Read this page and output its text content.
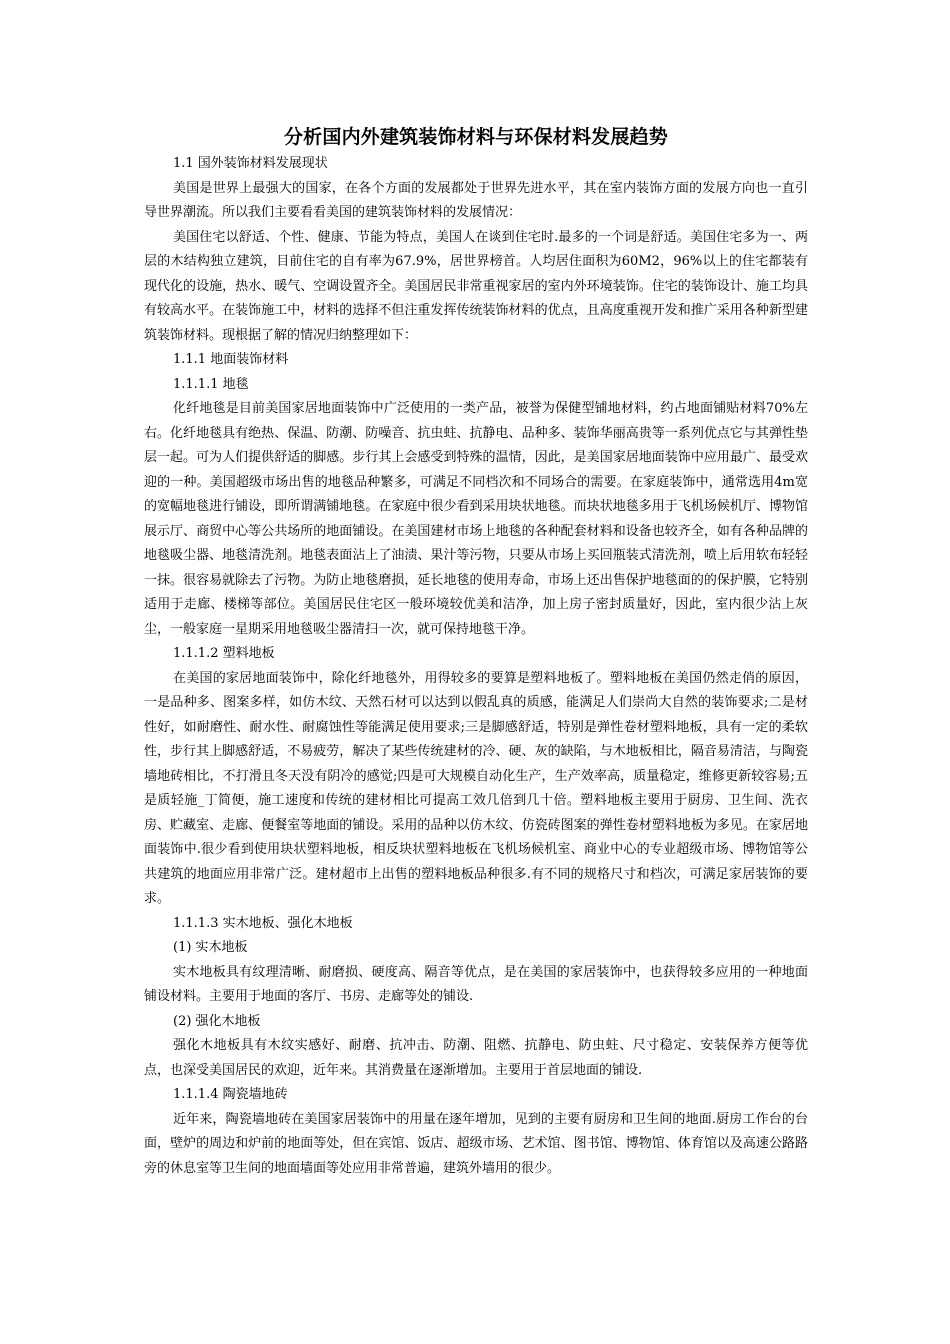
分析国内外建筑装饰材料与环保材料发展趋势

1.1 国外装饰材料发展现状

美国是世界上最强大的国家，在各个方面的发展都处于世界先进水平，其在室内装饰方面的发展方向也一直引导世界潮流。所以我们主要看看美国的建筑装饰材料的发展情况：

美国住宅以舒适、个性、健康、节能为特点，美国人在谈到住宅时.最多的一个词是舒适。美国住宅多为一、两层的木结构独立建筑，目前住宅的自有率为67.9%，居世界榜首。人均居住面积为60M2，96%以上的住宅都装有现代化的设施，热水、暖气、空调设置齐全。美国居民非常重视家居的室内外环境装饰。住宅的装饰设计、施工均具有较高水平。在装饰施工中，材料的选择不但注重发挥传统装饰材料的优点，且高度重视开发和推广采用各种新型建筑装饰材料。现根据了解的情况归纳整理如下：

1.1.1 地面装饰材料

1.1.1.1 地毯

化纤地毯是目前美国家居地面装饰中广泛使用的一类产品，被誉为保健型铺地材料，约占地面铺贴材料70%左右。化纤地毯具有绝热、保温、防潮、防噪音、抗虫蛀、抗静电、品种多、装饰华丽高贵等一系列优点它与其弹性垫层一起。可为人们提供舒适的脚感。步行其上会感受到特殊的温情，因此，是美国家居地面装饰中应用最广、最受欢迎的一种。美国超级市场出售的地毯品种繁多，可满足不同档次和不同场合的需要。在家庭装饰中，通常选用4m宽的宽幅地毯进行铺设，即所谓满铺地毯。在家庭中很少看到采用块状地毯。而块状地毯多用于飞机场候机厅、博物馆展示厅、商贸中心等公共场所的地面铺设。在美国建材市场上地毯的各种配套材料和设备也较齐全，如有各种品牌的地毯吸尘器、地毯清洗剂。地毯表面沾上了油渍、果汁等污物，只要从市场上买回瓶装式清洗剂，喷上后用软布轻轻一抹。很容易就除去了污物。为防止地毯磨损，延长地毯的使用寿命，市场上还出售保护地毯面的的保护膜，它特别适用于走廊、楼梯等部位。美国居民住宅区一般环境较优美和洁净，加上房子密封质量好，因此，室内很少沾上灰尘，一般家庭一星期采用地毯吸尘器清扫一次，就可保持地毯干净。

1.1.1.2 塑料地板

在美国的家居地面装饰中，除化纤地毯外，用得较多的要算是塑料地板了。塑料地板在美国仍然走俏的原因，一是品种多、图案多样，如仿木纹、天然石材可以达到以假乱真的质感，能满足人们崇尚大自然的装饰要求;二是材性好，如耐磨性、耐水性、耐腐蚀性等能满足使用要求;三是脚感舒适，特别是弹性卷材塑料地板，具有一定的柔软性，步行其上脚感舒适，不易疲劳，解决了某些传统建材的冷、硬、灰的缺陷，与木地板相比，隔音易清洁，与陶瓷墙地砖相比，不打滑且冬天没有阴冷的感觉;四是可大规模自动化生产，生产效率高，质量稳定，维修更新较容易;五是质轻施_丁简便，施工速度和传统的建材相比可提高工效几倍到几十倍。塑料地板主要用于厨房、卫生间、洗衣房、贮藏室、走廊、便餐室等地面的铺设。采用的品种以仿木纹、仿瓷砖图案的弹性卷材塑料地板为多见。在家居地面装饰中.很少看到使用块状塑料地板，相反块状塑料地板在飞机场候机室、商业中心的专业超级市场、博物馆等公共建筑的地面应用非常广泛。建材超市上出售的塑料地板品种很多.有不同的规格尺寸和档次，可满足家居装饰的要求。

1.1.1.3 实木地板、强化木地板

(1) 实木地板

实木地板具有纹理清晰、耐磨损、硬度高、隔音等优点，是在美国的家居装饰中，也获得较多应用的一种地面铺设材料。主要用于地面的客厅、书房、走廊等处的铺设.

(2) 强化木地板

强化木地板具有木纹实感好、耐磨、抗冲击、防潮、阻燃、抗静电、防虫蛀、尺寸稳定、安装保养方便等优点，也深受美国居民的欢迎，近年来。其消费量在逐渐增加。主要用于首层地面的铺设.

1.1.1.4 陶瓷墙地砖

近年来，陶瓷墙地砖在美国家居装饰中的用量在逐年增加，见到的主要有厨房和卫生间的地面.厨房工作台的台面，壁炉的周边和炉前的地面等处，但在宾馆、饭店、超级市场、艺术馆、图书馆、博物馆、体育馆以及高速公路路旁的休息室等卫生间的地面墙面等处应用非常普遍，建筑外墙用的很少。
